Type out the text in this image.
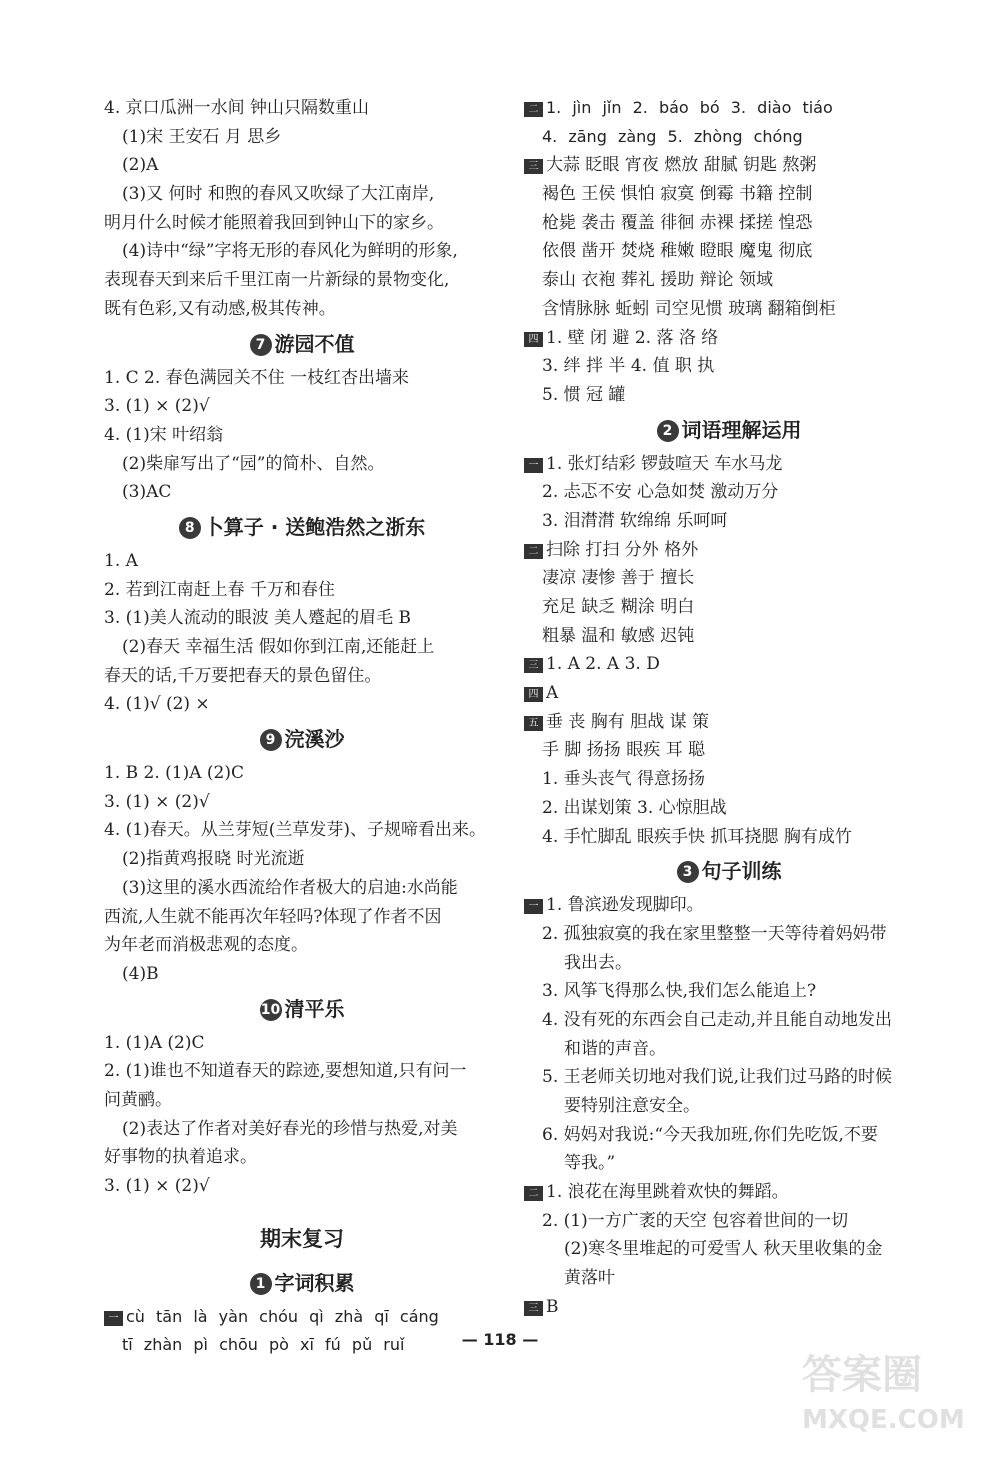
4. 京口瓜洲一水间 钟山只隔数重山
(1)宋 王安石 月 思乡
(2)A
(3)又 何时 和煦的春风又吹绿了大江南岸,
明月什么时候才能照着我回到钟山下的家乡。
(4)诗中“绿”字将无形的春风化为鲜明的形象,
表现春天到来后千里江南一片新绿的景物变化,
既有色彩,又有动感,极其传神。
7 游园不值
1. C 2. 春色满园关不住 一枝红杏出墙来
3. (1) × (2)√
4. (1)宋 叶绍翁
(2)柴扉写出了“园”的简朴、自然。
(3)AC
8 卜算子 · 送鲍浩然之浙东
1. A
2. 若到江南赶上春 千万和春住
3. (1)美人流动的眼波 美人蹙起的眉毛 B
(2)春天 幸福生活 假如你到江南,还能赶上
春天的话,千万要把春天的景色留住。
4. (1)√ (2) ×
9 浣溪沙
1. B 2. (1)A (2)C
3. (1) × (2)√
4. (1)春天。从兰芽短(兰草发芽)、子规啼看出来。
(2)指黄鸡报晓 时光流逝
(3)这里的溪水西流给作者极大的启迪:水尚能
西流,人生就不能再次年轻吗?体现了作者不因
为年老而消极悲观的态度。
(4)B
10 清平乐
1. (1)A (2)C
2. (1)谁也不知道春天的踪迹,要想知道,只有问一
问黄鹂。
(2)表达了作者对美好春光的珍惜与热爱,对美
好事物的执着追求。
3. (1) × (2)√
期末复习
1 字词积累
一 cù tān là yàn chóu qì zhà qī cáng
tī zhàn pì chōu pò xī fú pǔ ruǐ
二 1. jìn jǐn 2. báo bó 3. diào tiáo
4. zāng zàng 5. zhòng chóng
三 大蒜 眨眼 宵夜 燃放 甜腻 钥匙 熬粥
褐色 王侯 惧怕 寂寞 倒霉 书籍 控制
枪毙 袭击 覆盖 徘徊 赤裸 揉搓 惶恐
依偎 凿开 焚烧 稚嫩 瞪眼 魔鬼 彻底
泰山 衣袍 葬礼 援助 辩论 领域
含情脉脉 蚯蚓 司空见惯 玻璃 翻箱倒柜
四 1. 壁 闭 避 2. 落 洛 络
3. 绊 拌 半 4. 值 职 执
5. 惯 冠 罐
2 词语理解运用
一 1. 张灯结彩 锣鼓喧天 车水马龙
2. 忐忑不安 心急如焚 激动万分
3. 泪潸潸 软绵绵 乐呵呵
二 扫除 打扫 分外 格外
凄凉 凄惨 善于 擅长
充足 缺乏 糊涂 明白
粗暴 温和 敏感 迟钝
三 1. A 2. A 3. D
四 A
五 垂 丧 胸有 胆战 谋 策
手 脚 扬扬 眼疾 耳 聪
1. 垂头丧气 得意扬扬
2. 出谋划策 3. 心惊胆战
4. 手忙脚乱 眼疾手快 抓耳挠腮 胸有成竹
3 句子训练
一 1. 鲁滨逊发现脚印。
2. 孤独寂寞的我在家里整整一天等待着妈妈带
我出去。
3. 风筝飞得那么快,我们怎么能追上?
4. 没有死的东西会自己走动,并且能自动地发出
和谐的声音。
5. 王老师关切地对我们说,让我们过马路的时候
要特别注意安全。
6. 妈妈对我说:“今天我加班,你们先吃饭,不要
等我。”
二 1. 浪花在海里跳着欢快的舞蹈。
2. (1)一方广袤的天空 包容着世间的一切
(2)寒冬里堆起的可爱雪人 秋天里收集的金
黄落叶
三 B
— 118 —
答案圈
MXQE.COM
